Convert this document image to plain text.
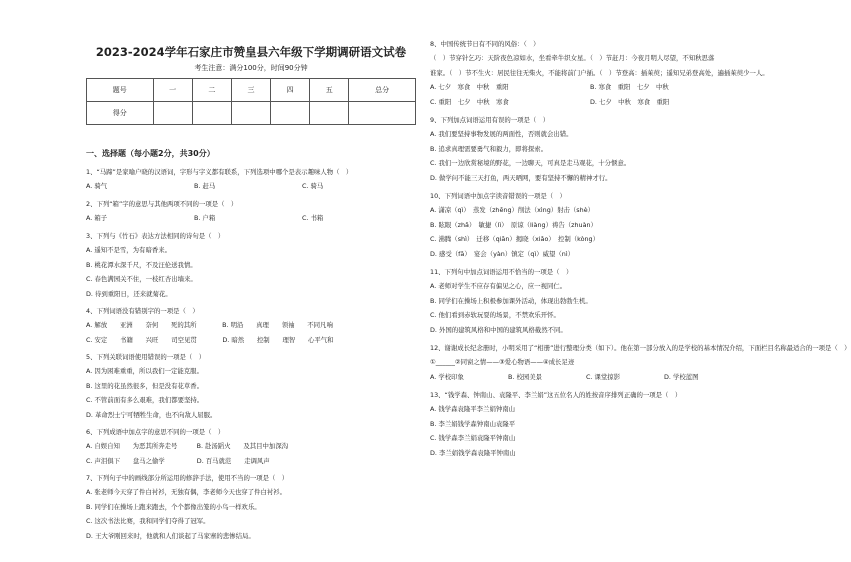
2023-2024学年石家庄市赞皇县六年级下学期调研语文试卷
考生注意：满分100分，时间90分钟
题号	一	二	三	四	五	总分
得分						
一、选择题（每小题2分，共30分）
1、“马蹄”是家喻户晓的汉语词，字形与字义都有联系，下列选项中哪个是表示趣味人物（　）
A. 骑气	B. 赶马	C. 骑马
2、下列“箱”字的意思与其他两项不同的一项是（　）
A. 箱子	B. 户箱	C. 书箱
3、下列与《竹石》表达方法相同的诗句是（　）
A. 遥知不是雪，为有暗香来。
B. 桃花潭水深千尺，不及汪伦送我情。
C. 春色满园关不住，一枝红杏出墙来。
D. 待到重阳日，还来就菊花。
4、下列词语没有错别字的一项是（　）
A. 解放　　亚洲　　奈何　　死的其所　　　　B. 明沿　　真理　　领袖　　不同凡响
C. 安定　　书籍　　兴旺　　司空见贯　　　　D. 暗然　　控制　　理智　　心平气和
5、下列关联词语使用错误的一项是（　）
A. 因为困难重重，所以我们一定能克服。
B. 这里的花虽然很多，但是没有花草香。
C. 不管前面有多么艰难，我们都要坚持。
D. 革命烈士宁可牺牲生命，也不向敌人屈服。
6、下列成语中加点字的意思不同的一项是（　）
A. 自娱自知　　为恶其所奔走号　　　B. 赴汤蹈火　　及其目中加深沟
C. 声泪俱下　　盘马之偷学　　　　　D. 百马就范　　走调风声
7、下列句子中的画线部分所运用的修辞手法，使用不当的一项是（　）
A. 张老师今天穿了件白衬衫，无独有偶，李老师今天也穿了件白衬衫。
B. 同学们在操场上跑来跑去，个个都像出笼的小鸟一样欢乐。
C. 这次书法比赛，我和同学们夺得了冠军。
D. 王大爷刚回来时，他就和人们谈起了马家寨的悲惨结局。
8、中国传统节日有不同的风俗：（　）
（　）节穿针乞巧：天阶夜色凉如水，坐看牵牛织女星。（　）节赶月：今夜月明人尽望，不知秋思落
谁家。（　）节不生火：居民往往无柴火，不能将前门户插。（　）节登高：插茱萸；遥知兄弟登高处，遍插茱萸少一人。
A. 七夕　寒食　中秋　重阳	B. 寒食　重阳　七夕　中秋
C. 重阳　七夕　中秋　寒食	D. 七夕　中秋　寒食　重阳
9、下列加点词语运用有误的一项是（　）
A. 我们要坚持事物发展的两面性，否则就会出错。
B. 追求真理需要勇气和毅力，即将探索。
C. 我们一边欣赏秘境的野花，一边聊天，可真是走马观花，十分惬意。
D. 做学问不能三天打鱼，两天晒网，要有坚持不懈的精神才行。
10、下列词语中加点字读音错误的一项是（　）
A. 潇凉（qì）　蒸发（zhēng）削法（xìng）射击（shè）
B. 眩眼（zhǎ）　敏捷（lì）　原谅（liàng）祷告（zhuàn）
C. 沸腾（shì）　迁移（qiān）揭晓（xiǎo）　控制（kòng）
D. 感受（fā）　宴会（yàn）镇定（qì）威望（nì）
11、下列句中加点词语运用不恰当的一项是（　）
A. 老师对学生不应存有偏见之心，应一视同仁。
B. 同学们在操场上积极参加课外活动，体现出勃勃生机。
C. 他们看到赤软玩耍的场景，不禁欢乐开怀。
D. 外国的建筑风格和中国的建筑风格截然不同。
12、谢谢成长纪念册时，小明采用了“相册”进行整理分类（如下）。他在第一部分放入的是学校的基本情况介绍，下面栏目名称最适合的一项是（　）
①______②同窗之情——③爱心物语——④成长足迹
A. 学校印象	B. 校园美景	C. 课堂掠影	D. 学校蓝图
13、“钱学森、钟南山、袁隆平、李兰娟”这五位名人的姓按音序排列正确的一项是（　）
A. 钱学森袁隆平李兰娟钟南山
B. 李兰娟钱学森钟南山袁隆平
C. 钱学森李兰娟袁隆平钟南山
D. 李兰娟钱学森袁隆平钟南山
